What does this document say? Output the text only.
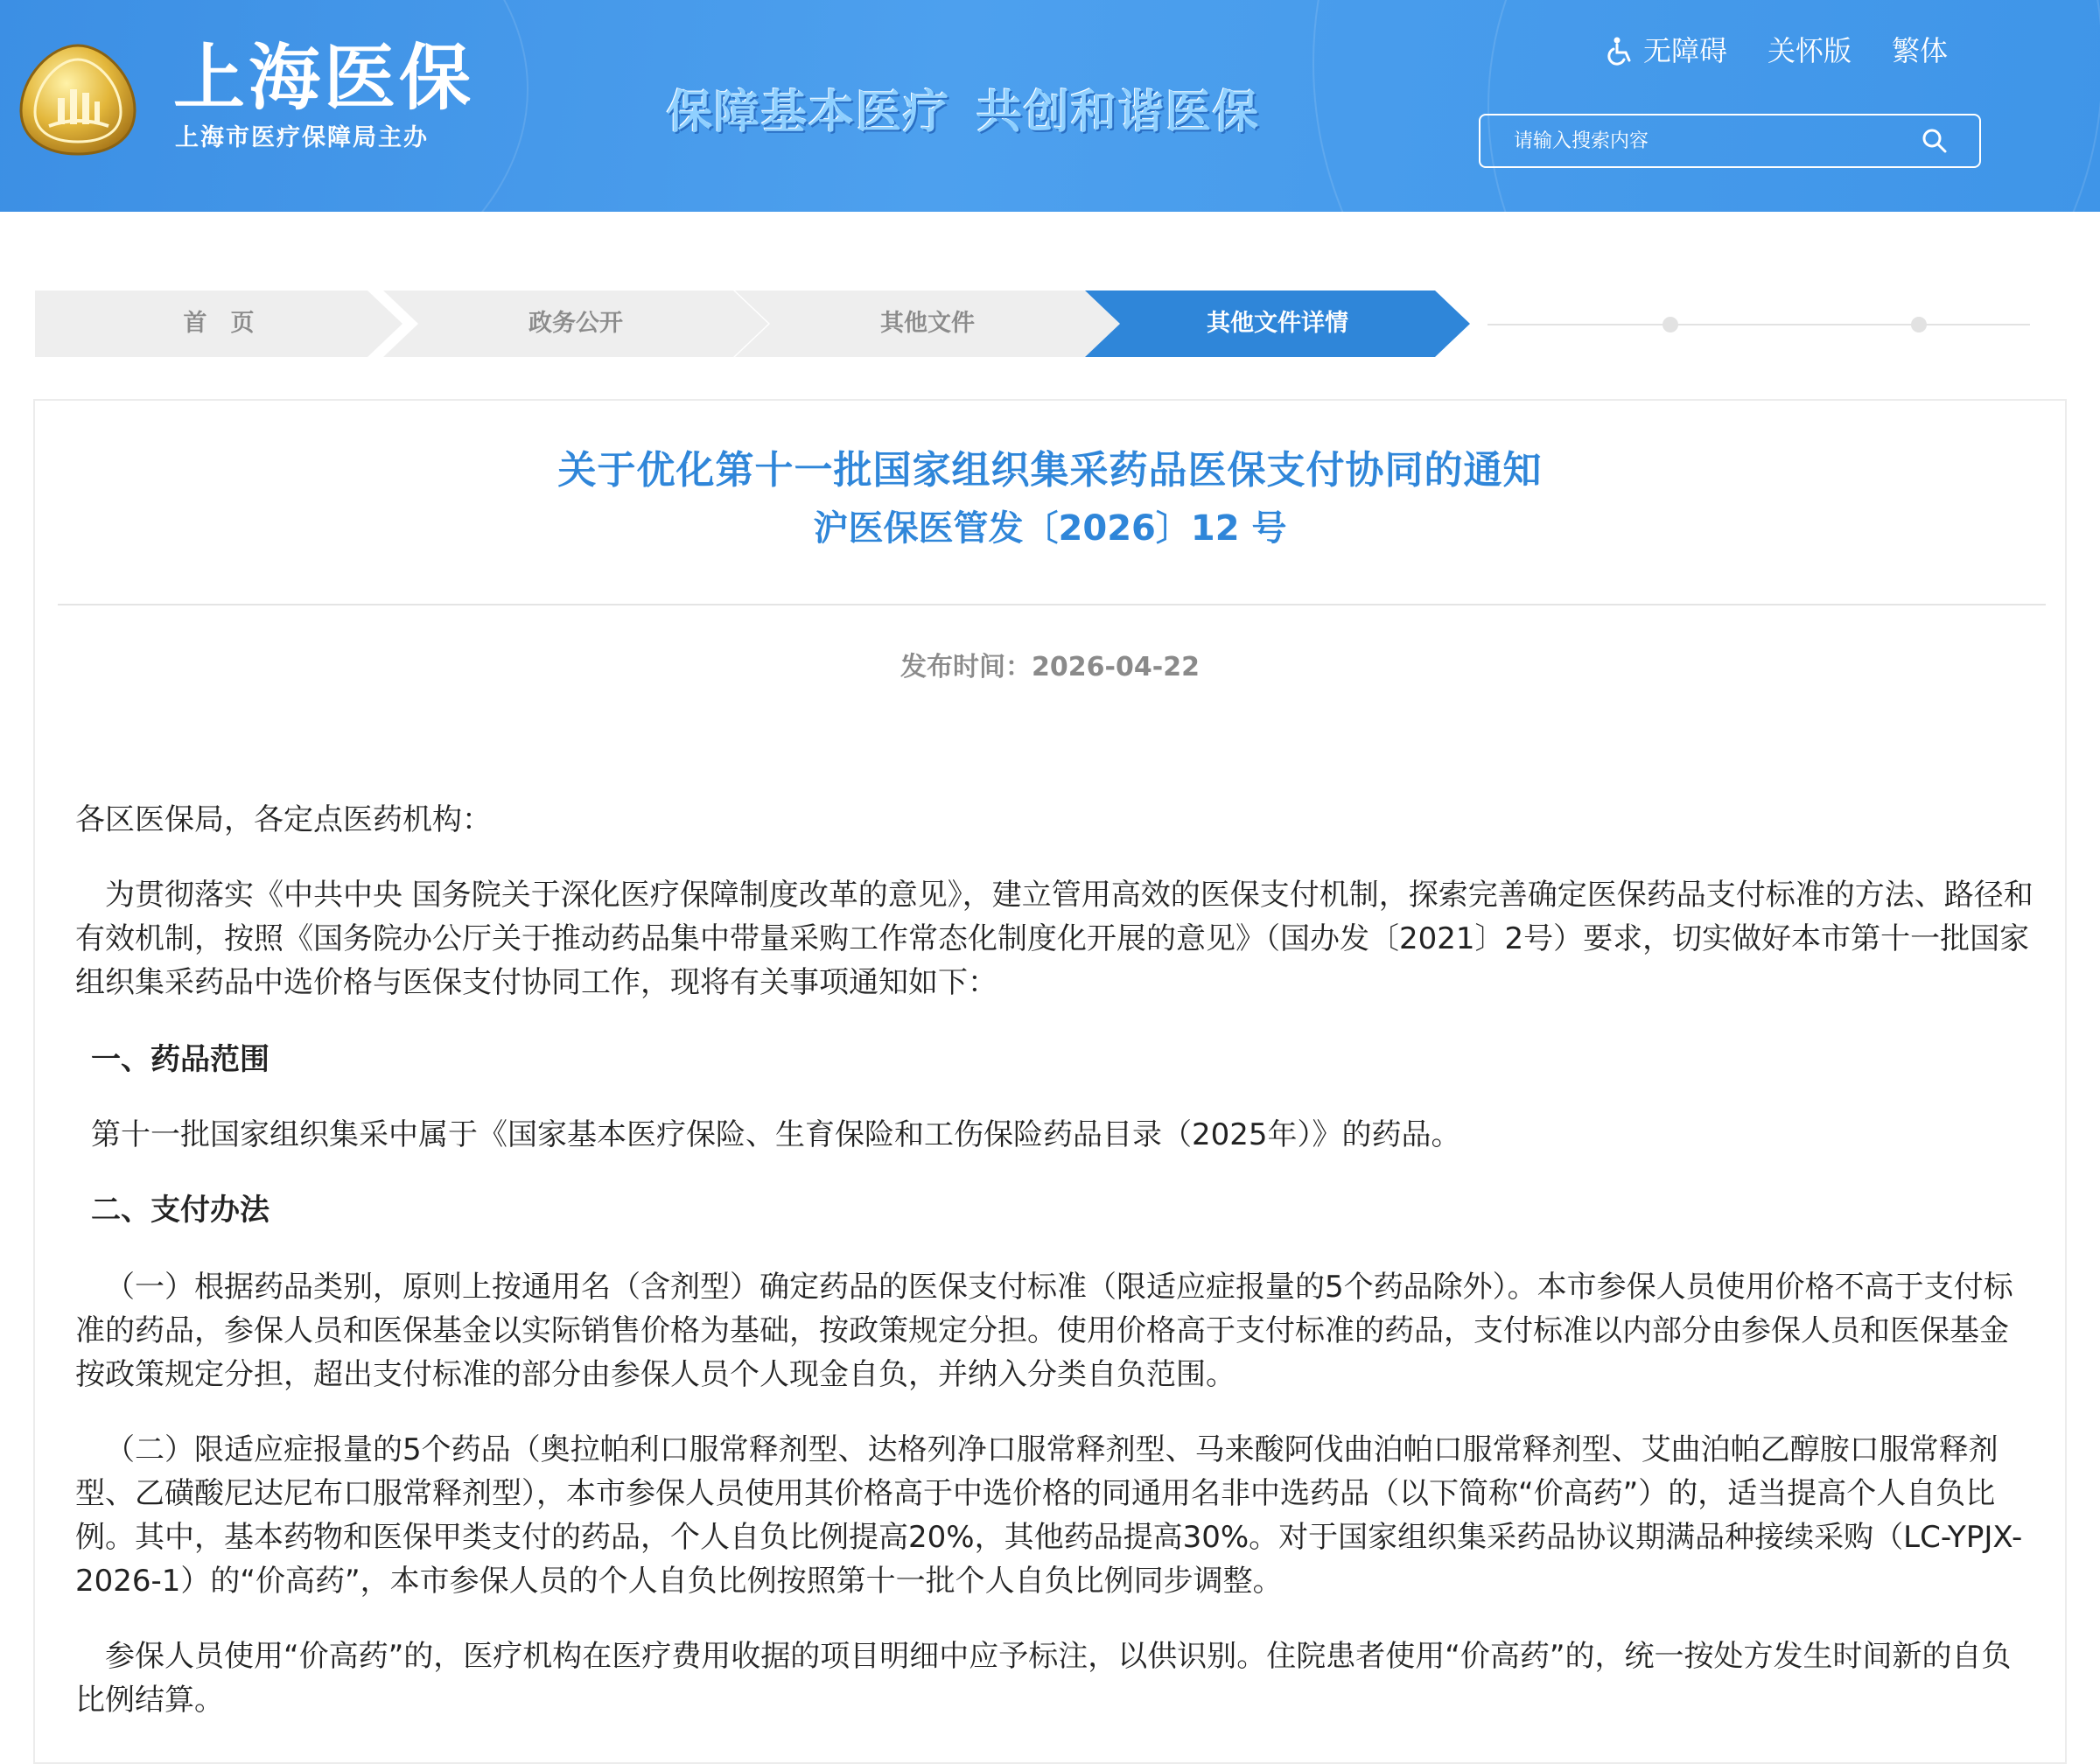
上海医保
上海市医疗保障局主办	保障基本医疗 共创和谐医保
无障碍 关怀版 繁体
请输入搜索内容
首　页	政务公开	其他文件	其他文件详情
关于优化第十一批国家组织集采药品医保支付协同的通知
沪医保医管发〔2026〕12 号
发布时间：2026-04-22

各区医保局，各定点医药机构：

为贯彻落实《中共中央 国务院关于深化医疗保障制度改革的意见》，建立管用高效的医保支付机制，探索完善确定医保药品支付标准的方法、路径和有效机制，按照《国务院办公厅关于推动药品集中带量采购工作常态化制度化开展的意见》（国办发〔2021〕2号）要求，切实做好本市第十一批国家组织集采药品中选价格与医保支付协同工作，现将有关事项通知如下：

一、药品范围

第十一批国家组织集采中属于《国家基本医疗保险、生育保险和工伤保险药品目录（2025年）》的药品。

二、支付办法

（一）根据药品类别，原则上按通用名（含剂型）确定药品的医保支付标准（限适应症报量的5个药品除外）。本市参保人员使用价格不高于支付标准的药品，参保人员和医保基金以实际销售价格为基础，按政策规定分担。使用价格高于支付标准的药品，支付标准以内部分由参保人员和医保基金按政策规定分担，超出支付标准的部分由参保人员个人现金自负，并纳入分类自负范围。

（二）限适应症报量的5个药品（奥拉帕利口服常释剂型、达格列净口服常释剂型、马来酸阿伐曲泊帕口服常释剂型、艾曲泊帕乙醇胺口服常释剂型、乙磺酸尼达尼布口服常释剂型），本市参保人员使用其价格高于中选价格的同通用名非中选药品（以下简称“价高药”）的，适当提高个人自负比例。其中，基本药物和医保甲类支付的药品，个人自负比例提高20%，其他药品提高30%。对于国家组织集采药品协议期满品种接续采购（LC-YPJX-2026-1）的“价高药”，本市参保人员的个人自负比例按照第十一批个人自负比例同步调整。

参保人员使用“价高药”的，医疗机构在医疗费用收据的项目明细中应予标注，以供识别。住院患者使用“价高药”的，统一按处方发生时间新的自负比例结算。
